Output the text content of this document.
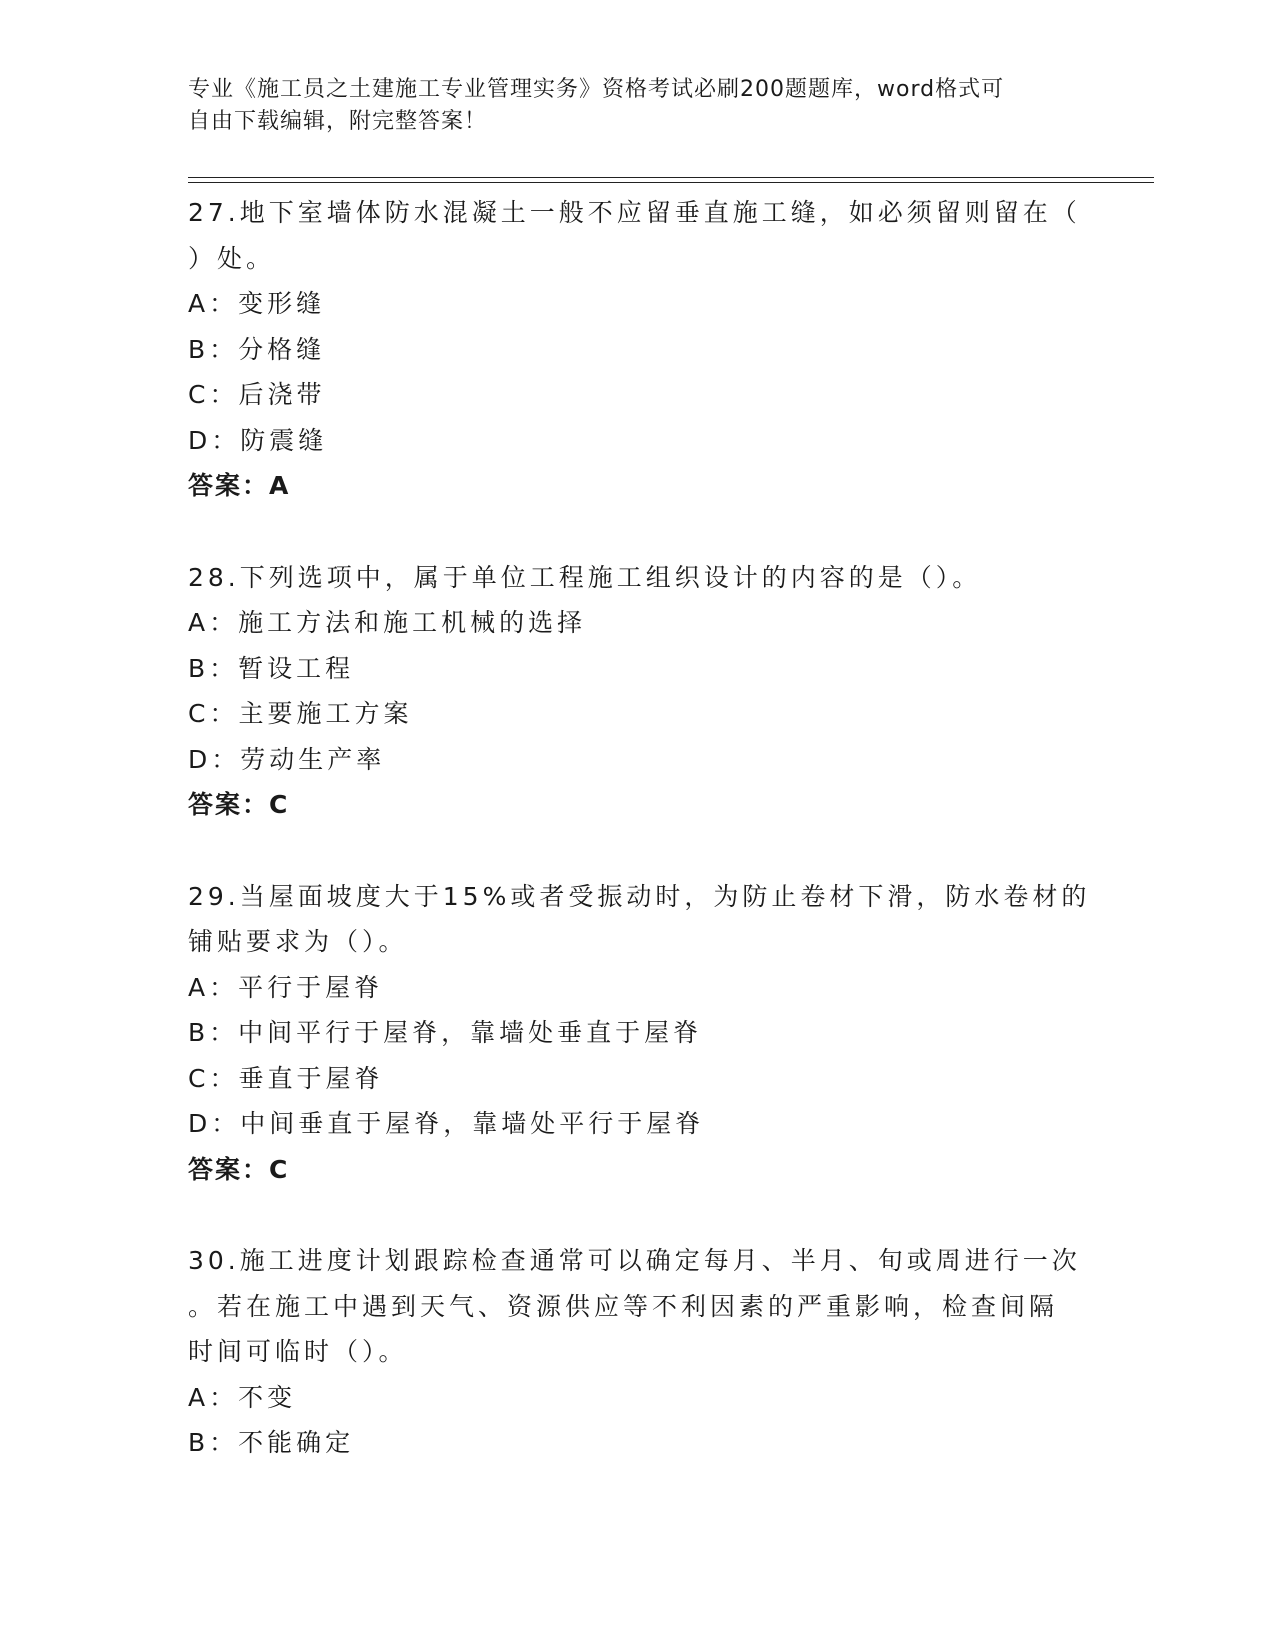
专业《施工员之土建施工专业管理实务》资格考试必刷200题题库，word格式可
自由下载编辑，附完整答案！
27.地下室墙体防水混凝土一般不应留垂直施工缝，如必须留则留在（
）处。
A：变形缝
B：分格缝
C：后浇带
D：防震缝
答案：A
28.下列选项中，属于单位工程施工组织设计的内容的是（）。
A：施工方法和施工机械的选择
B：暂设工程
C：主要施工方案
D：劳动生产率
答案：C
29.当屋面坡度大于15%或者受振动时，为防止卷材下滑，防水卷材的
铺贴要求为（）。
A：平行于屋脊
B：中间平行于屋脊，靠墙处垂直于屋脊
C：垂直于屋脊
D：中间垂直于屋脊，靠墙处平行于屋脊
答案：C
30.施工进度计划跟踪检查通常可以确定每月、半月、旬或周进行一次
。若在施工中遇到天气、资源供应等不利因素的严重影响，检查间隔
时间可临时（）。
A：不变
B：不能确定
